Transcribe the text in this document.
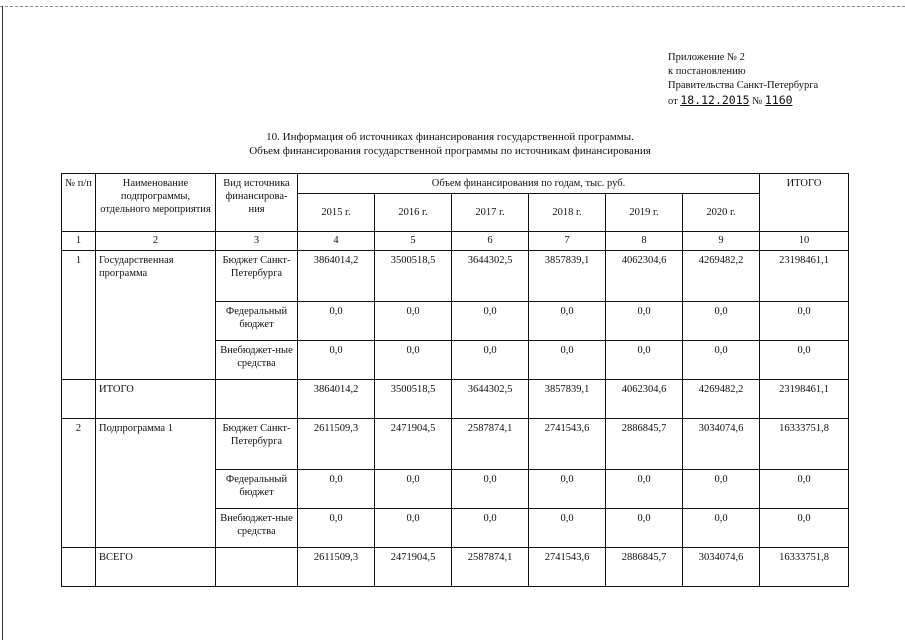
Приложение № 2
к постановлению
Правительства Санкт-Петербурга
от 18.12.2015 № 1160
10. Информация об источниках финансирования государственной программы.
Объем финансирования государственной программы по источникам финансирования
№ п/п	Наименование подпрограммы, отдельного мероприятия	Вид источника финансирова-ния	Объем финансирования по годам, тыс. руб.						ИТОГО
			2015 г.	2016 г.	2017 г.	2018 г.	2019 г.	2020 г.	
1	2	3	4	5	6	7	8	9	10
1	Государственная программа	Бюджет Санкт-Петербурга	3864014,2	3500518,5	3644302,5	3857839,1	4062304,6	4269482,2	23198461,1
		Федеральный бюджет	0,0	0,0	0,0	0,0	0,0	0,0	0,0
		Внебюджет-ные средства	0,0	0,0	0,0	0,0	0,0	0,0	0,0
	ИТОГО		3864014,2	3500518,5	3644302,5	3857839,1	4062304,6	4269482,2	23198461,1
2	Подпрограмма 1	Бюджет Санкт-Петербурга	2611509,3	2471904,5	2587874,1	2741543,6	2886845,7	3034074,6	16333751,8
		Федеральный бюджет	0,0	0,0	0,0	0,0	0,0	0,0	0,0
		Внебюджет-ные средства	0,0	0,0	0,0	0,0	0,0	0,0	0,0
	ВСЕГО		2611509,3	2471904,5	2587874,1	2741543,6	2886845,7	3034074,6	16333751,8
